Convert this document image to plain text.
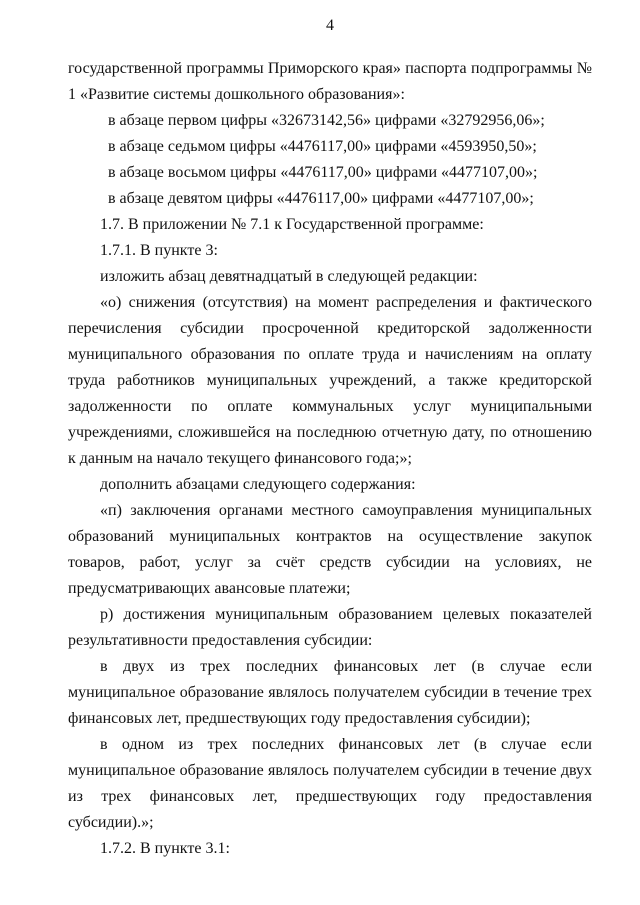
4

государственной программы Приморского края» паспорта подпрограммы № 1 «Развитие системы дошкольного образования»:

в абзаце первом цифры «32673142,56» цифрами «32792956,06»;

в абзаце седьмом цифры «4476117,00» цифрами «4593950,50»;

в абзаце восьмом цифры «4476117,00» цифрами «4477107,00»;

в абзаце девятом цифры «4476117,00» цифрами «4477107,00»;

1.7. В приложении № 7.1 к Государственной программе:

1.7.1. В пункте 3:

изложить абзац девятнадцатый в следующей редакции:

«о) снижения (отсутствия) на момент распределения и фактического перечисления субсидии просроченной кредиторской задолженности муниципального образования по оплате труда и начислениям на оплату труда работников муниципальных учреждений, а также кредиторской задолженности по оплате коммунальных услуг муниципальными учреждениями, сложившейся на последнюю отчетную дату, по отношению к данным на начало текущего финансового года;»;

дополнить абзацами следующего содержания:

«п) заключения органами местного самоуправления муниципальных образований муниципальных контрактов на осуществление закупок товаров, работ, услуг за счёт средств субсидии на условиях, не предусматривающих авансовые платежи;

р) достижения муниципальным образованием целевых показателей результативности предоставления субсидии:

в двух из трех последних финансовых лет (в случае если муниципальное образование являлось получателем субсидии в течение трех финансовых лет, предшествующих году предоставления субсидии);

в одном из трех последних финансовых лет (в случае если муниципальное образование являлось получателем субсидии в течение двух из трех финансовых лет, предшествующих году предоставления субсидии).»;

1.7.2. В пункте 3.1:
